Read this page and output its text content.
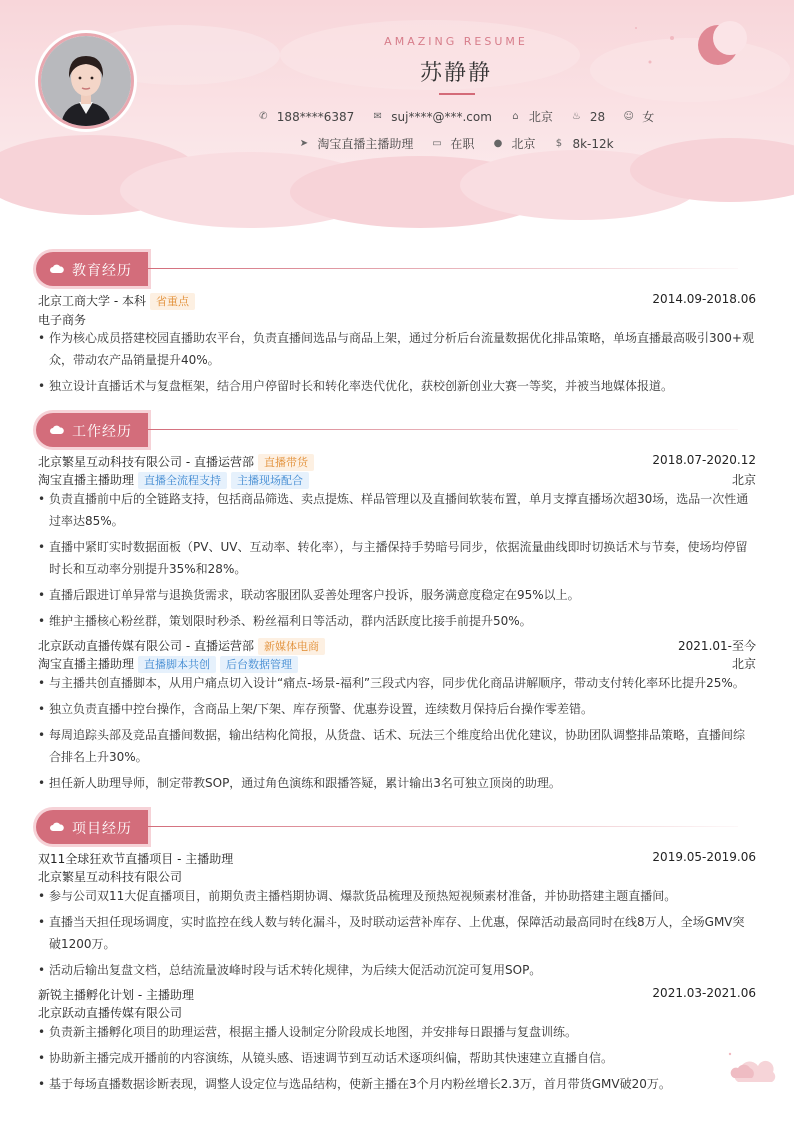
AMAZING RESUME
苏静静
✆ 188****6387 ✉ suj****@***.com ⌂ 北京 ♨ 28 ☺ 女
➤ 淘宝直播主播助理 ▭ 在职 ● 北京 $ 8k-12k
教育经历
北京工商大学 - 本科 省重点	2014.09-2018.06
电子商务
• 作为核心成员搭建校园直播助农平台，负责直播间选品与商品上架，通过分析后台流量数据优化排品策略，单场直播最高吸引300+观众，带动农产品销量提升40%。
• 独立设计直播话术与复盘框架，结合用户停留时长和转化率迭代优化，获校创新创业大赛一等奖，并被当地媒体报道。
工作经历
北京繁星互动科技有限公司 - 直播运营部 直播带货	2018.07-2020.12
淘宝直播主播助理 直播全流程支持 主播现场配合	北京
• 负责直播前中后的全链路支持，包括商品筛选、卖点提炼、样品管理以及直播间软装布置，单月支撑直播场次超30场，选品一次性通过率达85%。
• 直播中紧盯实时数据面板（PV、UV、互动率、转化率），与主播保持手势暗号同步，依据流量曲线即时切换话术与节奏，使场均停留时长和互动率分别提升35%和28%。
• 直播后跟进订单异常与退换货需求，联动客服团队妥善处理客户投诉，服务满意度稳定在95%以上。
• 维护主播核心粉丝群，策划限时秒杀、粉丝福利日等活动，群内活跃度比接手前提升50%。
北京跃动直播传媒有限公司 - 直播运营部 新媒体电商	2021.01-至今
淘宝直播主播助理 直播脚本共创 后台数据管理	北京
• 与主播共创直播脚本，从用户痛点切入设计“痛点-场景-福利”三段式内容，同步优化商品讲解顺序，带动支付转化率环比提升25%。
• 独立负责直播中控台操作，含商品上架/下架、库存预警、优惠券设置，连续数月保持后台操作零差错。
• 每周追踪头部及竞品直播间数据，输出结构化简报，从货盘、话术、玩法三个维度给出优化建议，协助团队调整排品策略，直播间综合排名上升30%。
• 担任新人助理导师，制定带教SOP，通过角色演练和跟播答疑，累计输出3名可独立顶岗的助理。
项目经历
双11全球狂欢节直播项目 - 主播助理	2019.05-2019.06
北京繁星互动科技有限公司
• 参与公司双11大促直播项目，前期负责主播档期协调、爆款货品梳理及预热短视频素材准备，并协助搭建主题直播间。
• 直播当天担任现场调度，实时监控在线人数与转化漏斗，及时联动运营补库存、上优惠，保障活动最高同时在线8万人，全场GMV突破1200万。
• 活动后输出复盘文档，总结流量波峰时段与话术转化规律，为后续大促活动沉淀可复用SOP。
新锐主播孵化计划 - 主播助理	2021.03-2021.06
北京跃动直播传媒有限公司
• 负责新主播孵化项目的助理运营，根据主播人设制定分阶段成长地图，并安排每日跟播与复盘训练。
• 协助新主播完成开播前的内容演练，从镜头感、语速调节到互动话术逐项纠偏，帮助其快速建立直播自信。
• 基于每场直播数据诊断表现，调整人设定位与选品结构，使新主播在3个月内粉丝增长2.3万，首月带货GMV破20万。
